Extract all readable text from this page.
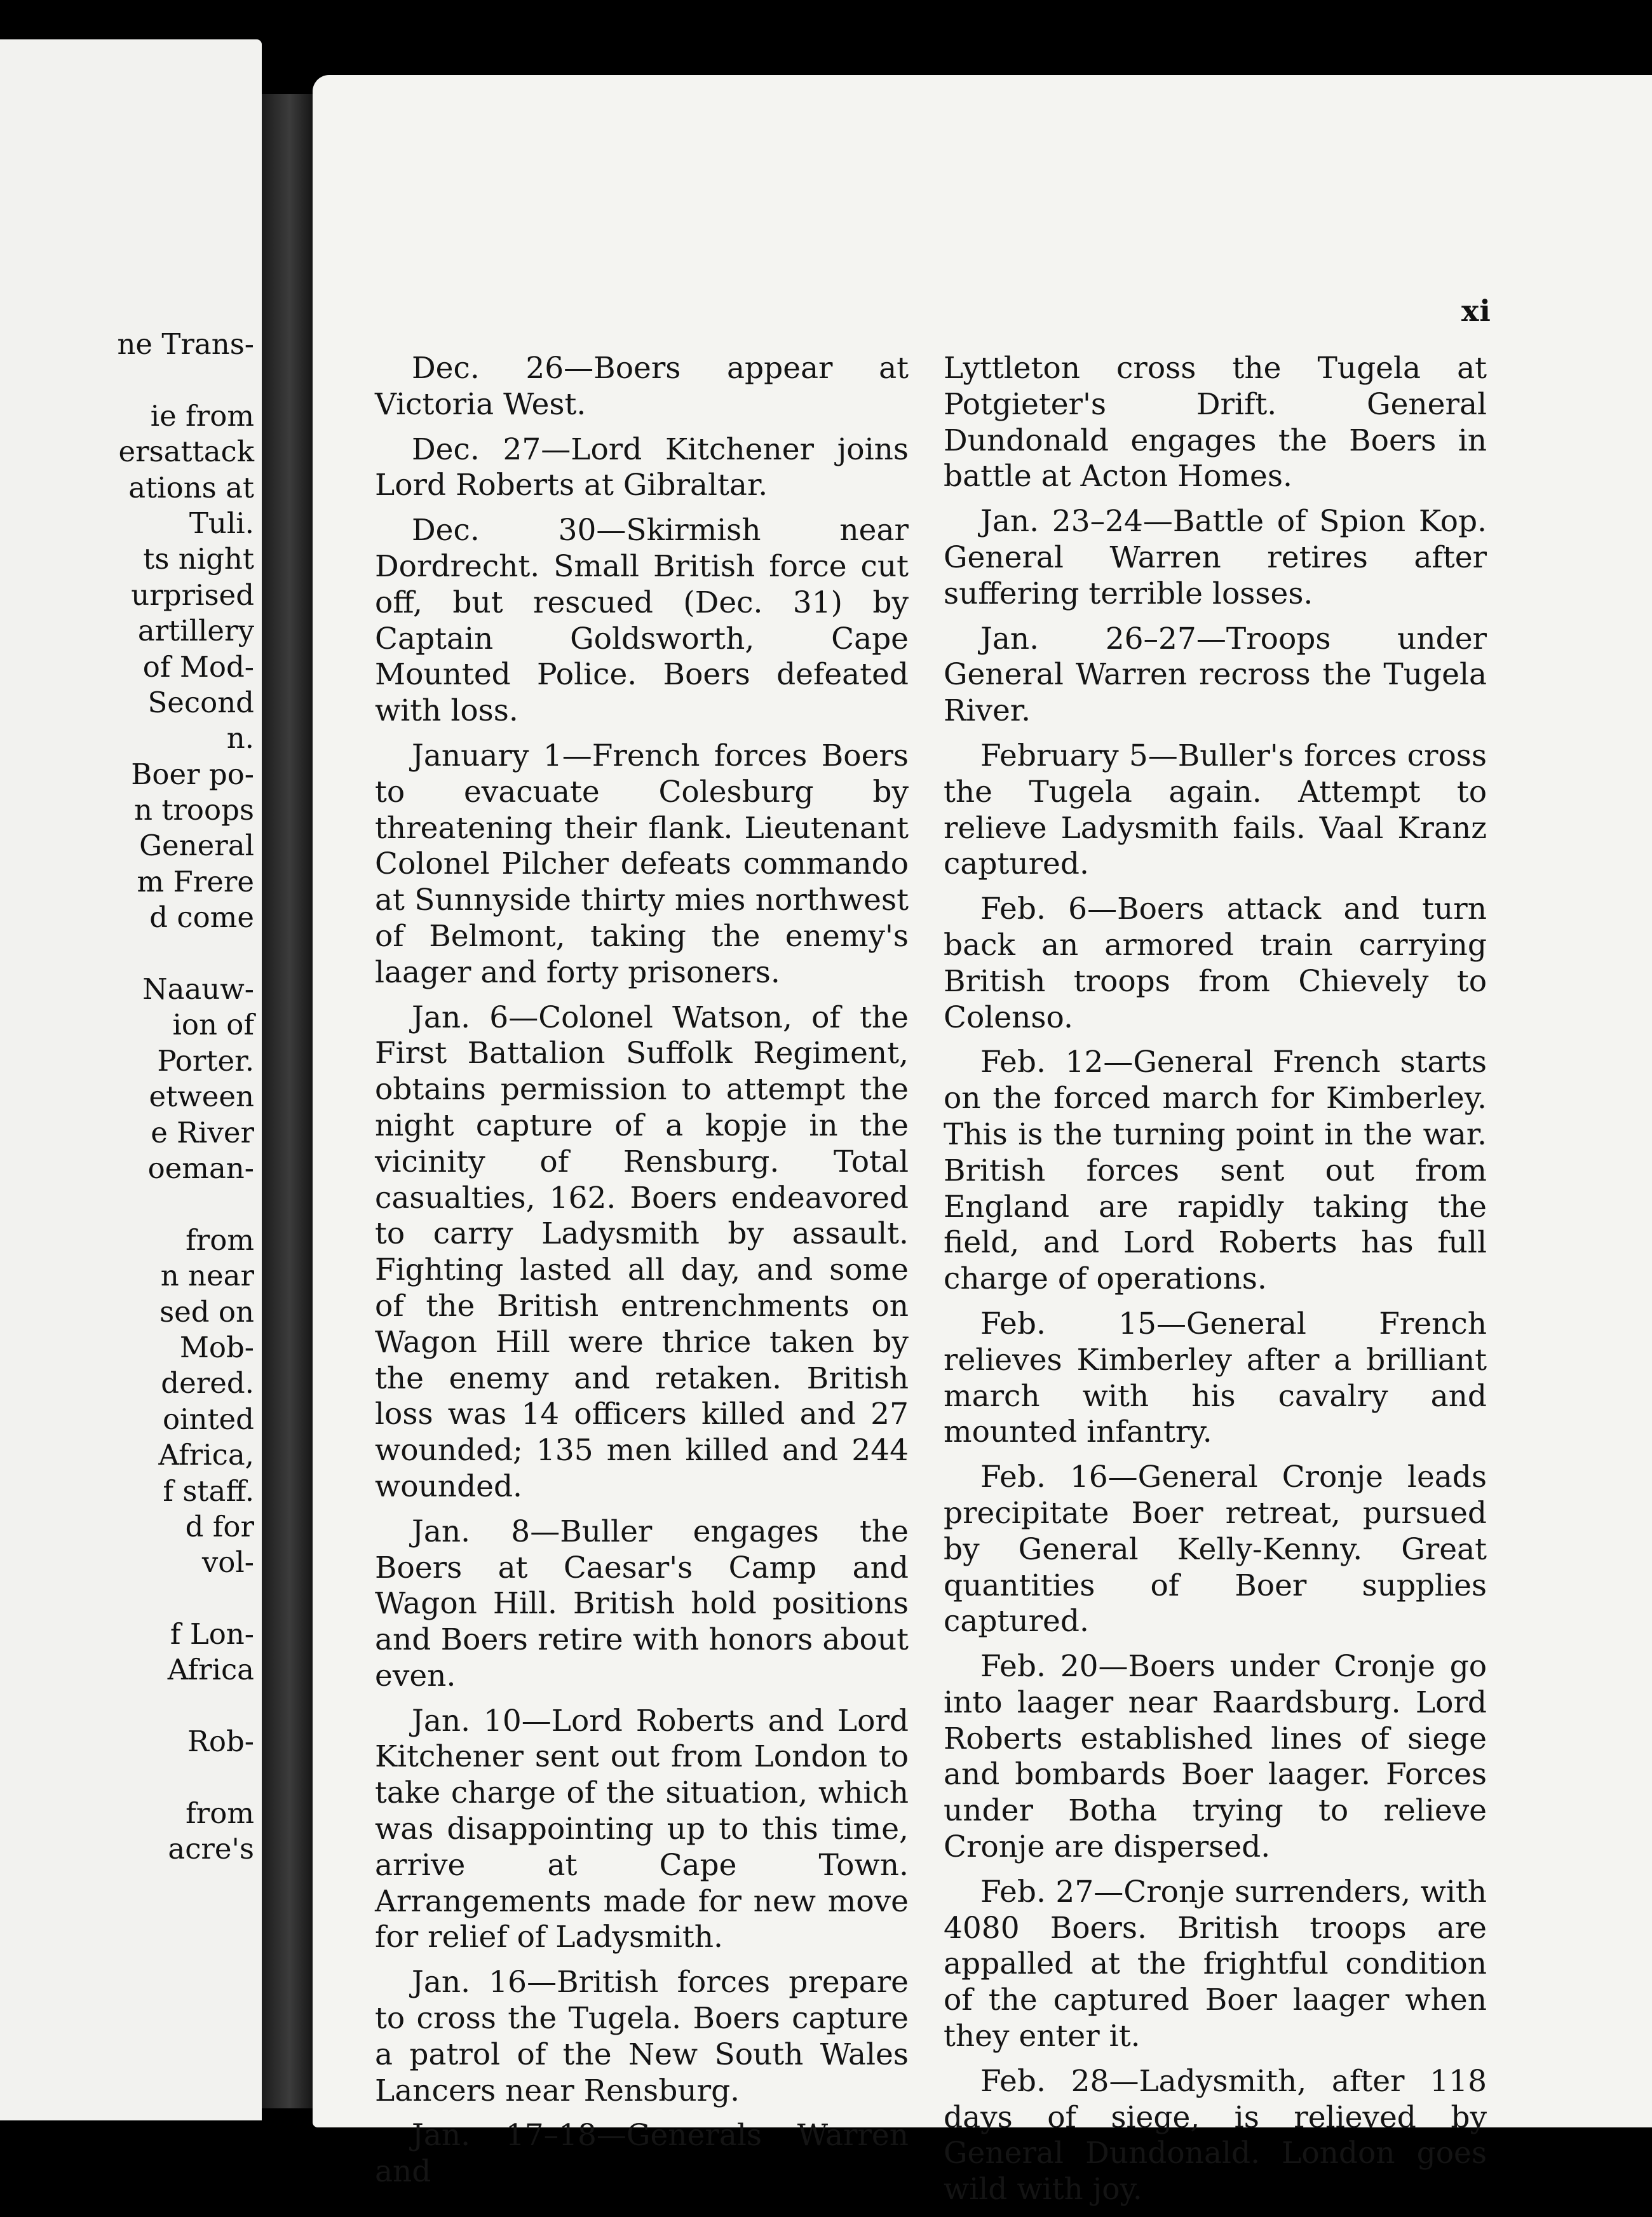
ne Trans-
ie from
ersattack
ations at
Tuli.
ts night
urprised
artillery
of Mod-
Second
n.
Boer po-
n troops
General
m Frere
d come
Naauw-
ion of
Porter.
etween
e River
oeman-
from
n near
sed on
Mob-
dered.
ointed
Africa,
f staff.
d for
vol-
f Lon-
Africa
Rob-
from
acre's
xi

Dec. 26—Boers appear at Victoria West.

Dec. 27—Lord Kitchener joins Lord Roberts at Gibraltar.

Dec. 30—Skirmish near Dordrecht. Small British force cut off, but rescued (Dec. 31) by Captain Goldsworth, Cape Mounted Police. Boers defeated with loss.

January 1—French forces Boers to evacuate Colesburg by threatening their flank. Lieutenant Colonel Pilcher defeats commando at Sunnyside thirty mies northwest of Belmont, taking the enemy's laager and forty prisoners.

Jan. 6—Colonel Watson, of the First Battalion Suffolk Regiment, obtains permission to attempt the night capture of a kopje in the vicinity of Rensburg. Total casualties, 162. Boers endeavored to carry Ladysmith by assault. Fighting lasted all day, and some of the British entrenchments on Wagon Hill were thrice taken by the enemy and retaken. British loss was 14 officers killed and 27 wounded; 135 men killed and 244 wounded.

Jan. 8—Buller engages the Boers at Caesar's Camp and Wagon Hill. British hold positions and Boers retire with honors about even.

Jan. 10—Lord Roberts and Lord Kitchener sent out from London to take charge of the situation, which was disappointing up to this time, arrive at Cape Town. Arrangements made for new move for relief of Ladysmith.

Jan. 16—British forces prepare to cross the Tugela. Boers capture a patrol of the New South Wales Lancers near Rensburg.

Jan. 17–18—Generals Warren and

Lyttleton cross the Tugela at Potgieter's Drift. General Dundonald engages the Boers in battle at Acton Homes.

Jan. 23–24—Battle of Spion Kop. General Warren retires after suffering terrible losses.

Jan. 26–27—Troops under General Warren recross the Tugela River.

February 5—Buller's forces cross the Tugela again. Attempt to relieve Ladysmith fails. Vaal Kranz captured.

Feb. 6—Boers attack and turn back an armored train carrying British troops from Chievely to Colenso.

Feb. 12—General French starts on the forced march for Kimberley. This is the turning point in the war. British forces sent out from England are rapidly taking the field, and Lord Roberts has full charge of operations.

Feb. 15—General French relieves Kimberley after a brilliant march with his cavalry and mounted infantry.

Feb. 16—General Cronje leads precipitate Boer retreat, pursued by General Kelly-Kenny. Great quantities of Boer supplies captured.

Feb. 20—Boers under Cronje go into laager near Raardsburg. Lord Roberts established lines of siege and bombards Boer laager. Forces under Botha trying to relieve Cronje are dispersed.

Feb. 27—Cronje surrenders, with 4080 Boers. British troops are appalled at the frightful condition of the captured Boer laager when they enter it.

Feb. 28—Ladysmith, after 118 days of siege, is relieved by General Dundonald. London goes wild with joy.
